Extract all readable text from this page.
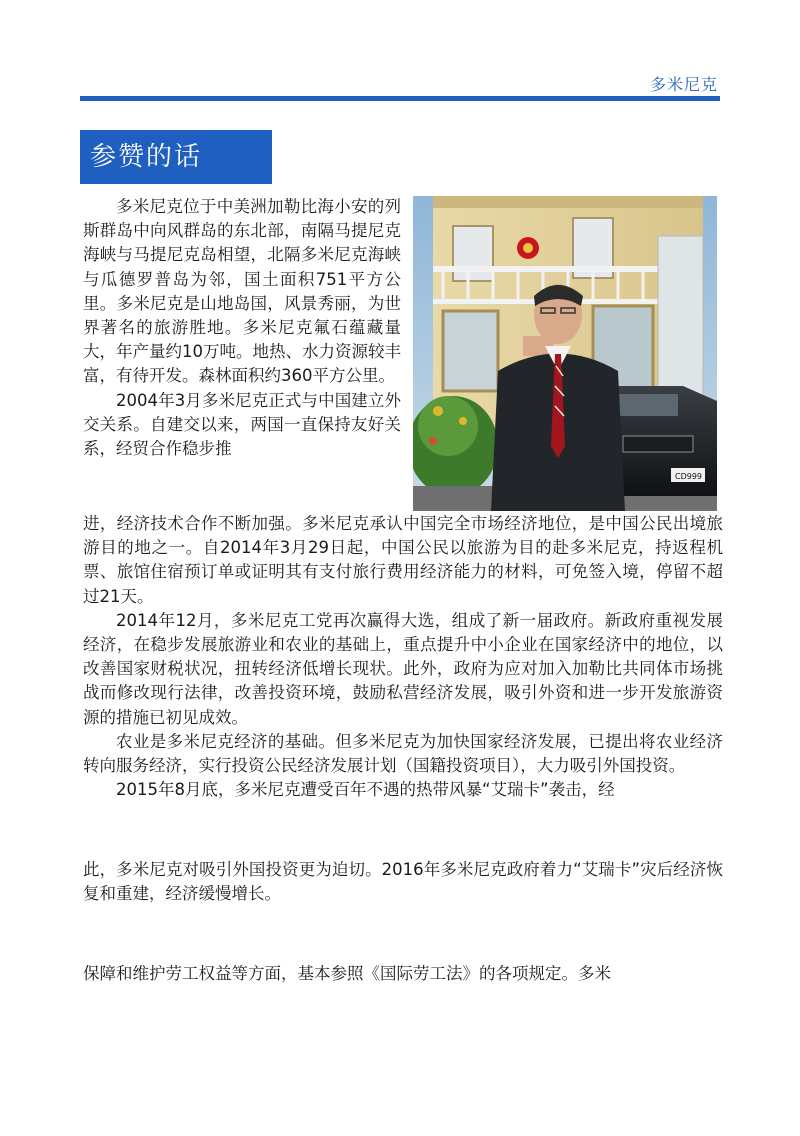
多米尼克
参赞的话
CD999

多米尼克位于中美洲加勒比海小安的列斯群岛中向风群岛的东北部，南隔马提尼克海峡与马提尼克岛相望，北隔多米尼克海峡与瓜德罗普岛为邻，国土面积751平方公里。多米尼克是山地岛国，风景秀丽，为世界著名的旅游胜地。多米尼克氟石蕴藏量大，年产量约10万吨。地热、水力资源较丰富，有待开发。森林面积约360平方公里。

2004年3月多米尼克正式与中国建立外交关系。自建交以来，两国一直保持友好关系，经贸合作稳步推

进，经济技术合作不断加强。多米尼克承认中国完全市场经济地位，是中国公民出境旅游目的地之一。自2014年3月29日起，中国公民以旅游为目的赴多米尼克，持返程机票、旅馆住宿预订单或证明其有支付旅行费用经济能力的材料，可免签入境，停留不超过21天。

2014年12月，多米尼克工党再次赢得大选，组成了新一届政府。新政府重视发展经济，在稳步发展旅游业和农业的基础上，重点提升中小企业在国家经济中的地位，以改善国家财税状况，扭转经济低增长现状。此外，政府为应对加入加勒比共同体市场挑战而修改现行法律，改善投资环境，鼓励私营经济发展，吸引外资和进一步开发旅游资源的措施已初见成效。

农业是多米尼克经济的基础。但多米尼克为加快国家经济发展，已提出将农业经济转向服务经济，实行投资公民经济发展计划（国籍投资项目），大力吸引外国投资。

2015年8月底，多米尼克遭受百年不遇的热带风暴“艾瑞卡”袭击，经

此，多米尼克对吸引外国投资更为迫切。2016年多米尼克政府着力“艾瑞卡”灾后经济恢复和重建，经济缓慢增长。

保障和维护劳工权益等方面，基本参照《国际劳工法》的各项规定。多米
